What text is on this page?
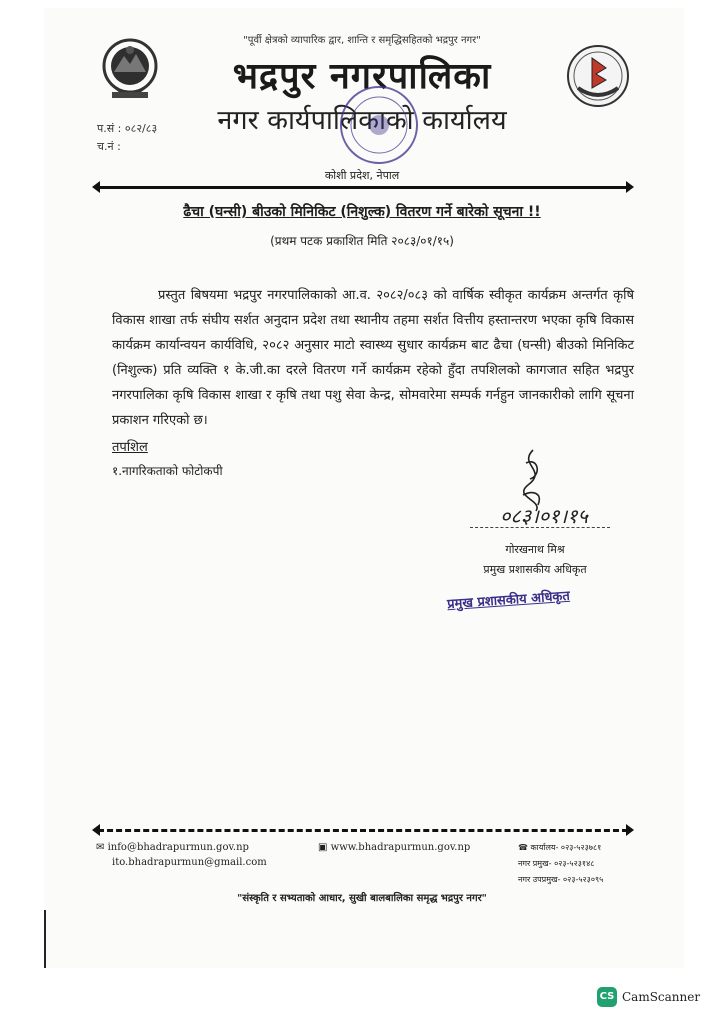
"पूर्वी क्षेत्रको व्यापारिक द्वार, शान्ति र समृद्धिसहितको भद्रपुर नगर"
भद्रपुर नगरपालिका
नगर कार्यपालिकाको कार्यालय
प.सं : ०८२/८३
च.नं :
कोशी प्रदेश, नेपाल
ढैचा (घन्सी) बीउको मिनिकिट (निशुल्क) वितरण गर्ने बारेको सूचना !!
(प्रथम पटक प्रकाशित मिति २०८३/०१/१५)
प्रस्तुत बिषयमा भद्रपुर नगरपालिकाको आ.व. २०८२/०८३ को वार्षिक स्वीकृत कार्यक्रम अन्तर्गत कृषि विकास शाखा तर्फ संघीय सर्शत अनुदान प्रदेश तथा स्थानीय तहमा सर्शत वित्तीय हस्तान्तरण भएका कृषि विकास कार्यक्रम कार्यान्वयन कार्यविधि, २०८२ अनुसार माटो स्वास्थ्य सुधार कार्यक्रम बाट ढैचा (घन्सी) बीउको मिनिकिट (निशुल्क) प्रति व्यक्ति १ के.जी.का दरले वितरण गर्ने कार्यक्रम रहेको हुँदा तपशिलको कागजात सहित भद्रपुर नगरपालिका कृषि विकास शाखा र कृषि तथा पशु सेवा केन्द्र, सोमवारेमा सम्पर्क गर्नहुन जानकारीको लागि सूचना प्रकाशन गरिएको छ।
तपशिल
१.नागरिकताको फोटोकपी
०८३।०१।१५
गोरखनाथ मिश्र
प्रमुख प्रशासकीय अधिकृत
प्रमुख प्रशासकीय अधिकृत
✉ info@bhadrapurmun.gov.np
ito.bhadrapurmun@gmail.com
▣ www.bhadrapurmun.gov.np	☎ कार्यालय- ०२३-५२३७८१
नगर प्रमुख- ०२३-५२३१४८
नगर उपप्रमुख- ०२३-५२३०९५
"संस्कृति र सभ्यताको आधार, सुखी बालबालिका समृद्ध भद्रपुर नगर"
CS CamScanner
